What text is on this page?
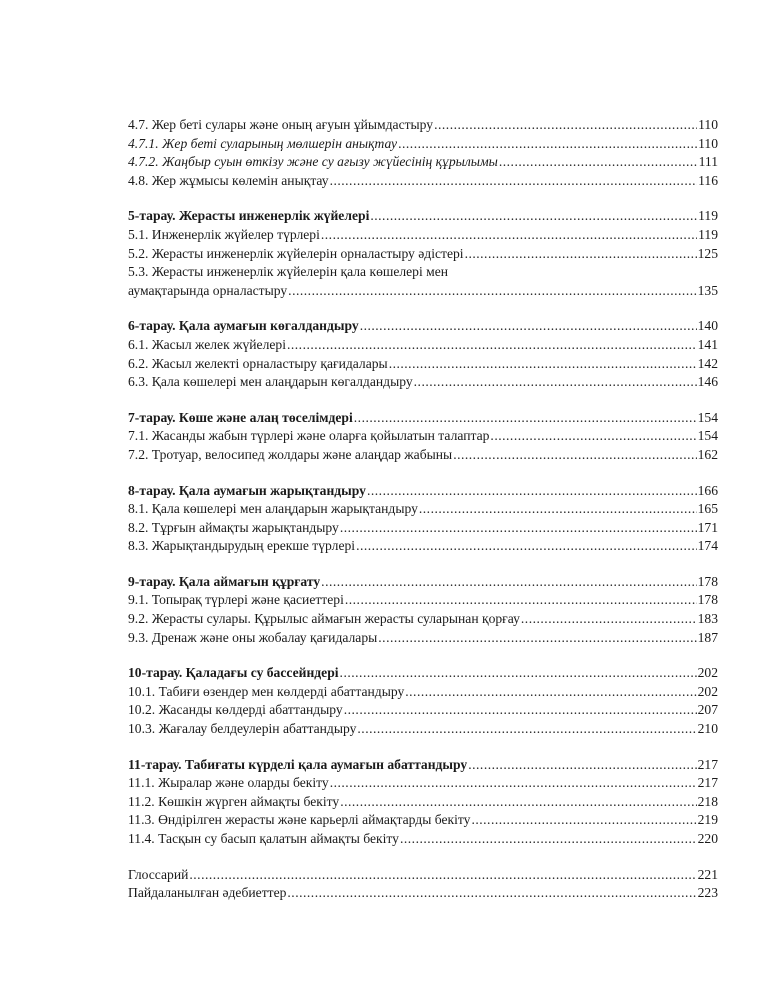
4.7. Жер беті сулары және оның ағуын ұйымдастыру .....	110
4.7.1. Жер беті суларының мөлшерін анықтау .....	110
4.7.2. Жаңбыр суын өткізу және су ағызу жүйесінің құрылымы .....	111
4.8. Жер жұмысы көлемін анықтау .....	116
5-тарау. Жерасты инженерлік жүйелері .....	119
5.1. Инженерлік жүйелер түрлері .....	119
5.2. Жерасты инженерлік жүйелерін орналастыру әдістері .....	125
5.3. Жерасты инженерлік жүйелерін қала көшелері мен
аумақтарында орналастыру .....	135
6-тарау. Қала аумағын көгалдандыру .....	140
6.1. Жасыл желек жүйелері .....	141
6.2. Жасыл желекті орналастыру қағидалары .....	142
6.3. Қала көшелері мен алаңдарын көгалдандыру .....	146
7-тарау. Көше және алаң төселімдері .....	154
7.1. Жасанды жабын түрлері және оларға қойылатын талаптар .....	154
7.2. Тротуар, велосипед жолдары және алаңдар жабыны .....	162
8-тарау. Қала аумағын жарықтандыру .....	166
8.1. Қала көшелері мен алаңдарын жарықтандыру .....	165
8.2. Тұрғын аймақты жарықтандыру .....	171
8.3. Жарықтандырудың ерекше түрлері .....	174
9-тарау. Қала аймағын құрғату .....	178
9.1. Топырақ түрлері және қасиеттері .....	178
9.2. Жерасты сулары. Құрылыс аймағын жерасты суларынан қорғау .....	183
9.3. Дренаж және оны жобалау қағидалары .....	187
10-тарау. Қаладағы су бассейндері .....	202
10.1. Табиғи өзендер мен көлдерді абаттандыру .....	202
10.2. Жасанды көлдерді абаттандыру .....	207
10.3. Жағалау белдеулерін абаттандыру .....	210
11-тарау. Табиғаты күрделі қала аумағын абаттандыру .....	217
11.1. Жыралар және оларды бекіту .....	217
11.2. Көшкін жүрген аймақты бекіту .....	218
11.3. Өндірілген жерасты және карьерлі аймақтарды бекіту .....	219
11.4. Тасқын су басып қалатын аймақты бекіту .....	220
Глоссарий .....	221
Пайдаланылған әдебиеттер .....	223
